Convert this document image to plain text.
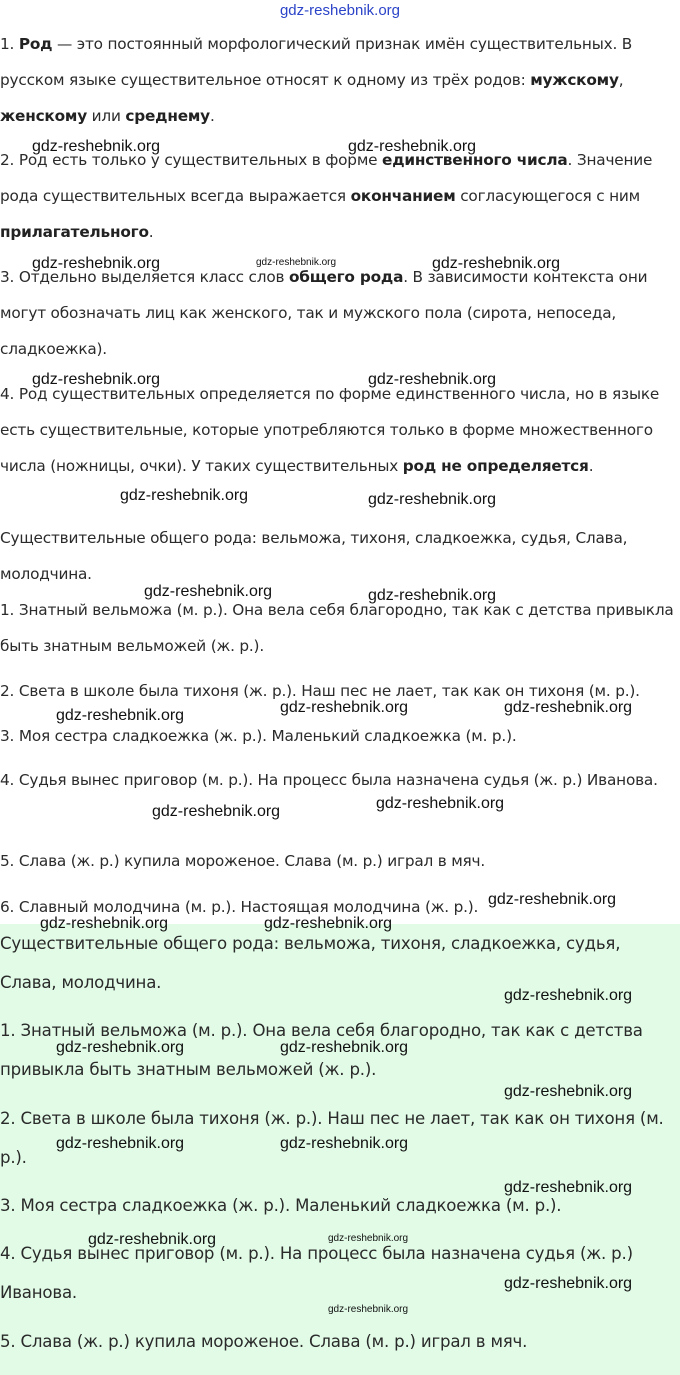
gdz-reshebnik.org

1. Род — это постоянный морфологический признак имён существительных. В русском языке существительное относят к одному из трёх родов: мужскому, женскому или среднему.

2. Род есть только у существительных в форме единственного числа. Значение рода существительных всегда выражается окончанием согласующегося с ним прилагательного.

3. Отдельно выделяется класс слов общего рода. В зависимости контекста они могут обозначать лиц как женского, так и мужского пола (сирота, непоседа, сладкоежка).

4. Род существительных определяется по форме единственного числа, но в языке есть существительные, которые употребляются только в форме множественного числа (ножницы, очки). У таких существительных род не определяется.

Существительные общего рода: вельможа, тихоня, сладкоежка, судья, Слава, молодчина.

1. Знатный вельможа (м. р.). Она вела себя благородно, так как с детства привыкла быть знатным вельможей (ж. р.).

2. Света в школе была тихоня (ж. р.). Наш пес не лает, так как он тихоня (м. р.).

3. Моя сестра сладкоежка (ж. р.). Маленький сладкоежка (м. р.).

4. Судья вынес приговор (м. р.). На процесс была назначена судья (ж. р.) Иванова.

5. Слава (ж. р.) купила мороженое. Слава (м. р.) играл в мяч.

6. Славный молодчина (м. р.). Настоящая молодчина (ж. р.).

Существительные общего рода: вельможа, тихоня, сладкоежка, судья, Слава, молодчина.

1. Знатный вельможа (м. р.). Она вела себя благородно, так как с детства привыкла быть знатным вельможей (ж. р.).

2. Света в школе была тихоня (ж. р.). Наш пес не лает, так как он тихоня (м. р.).

3. Моя сестра сладкоежка (ж. р.). Маленький сладкоежка (м. р.).

4. Судья вынес приговор (м. р.). На процесс была назначена судья (ж. р.) Иванова.

5. Слава (ж. р.) купила мороженое. Слава (м. р.) играл в мяч.

gdz-reshebnik.org	gdz-reshebnik.org
gdz-reshebnik.org
gdz-reshebnik.org	gdz-reshebnik.org
gdz-reshebnik.org	gdz-reshebnik.org
gdz-reshebnik.org	gdz-reshebnik.org
gdz-reshebnik.org	gdz-reshebnik.org
gdz-reshebnik.org	gdz-reshebnik.org	gdz-reshebnik.org
gdz-reshebnik.org	gdz-reshebnik.org
gdz-reshebnik.org
gdz-reshebnik.org	gdz-reshebnik.org
gdz-reshebnik.org
gdz-reshebnik.org	gdz-reshebnik.org
gdz-reshebnik.org
gdz-reshebnik.org	gdz-reshebnik.org
gdz-reshebnik.org
gdz-reshebnik.org	gdz-reshebnik.org
gdz-reshebnik.org
gdz-reshebnik.org
